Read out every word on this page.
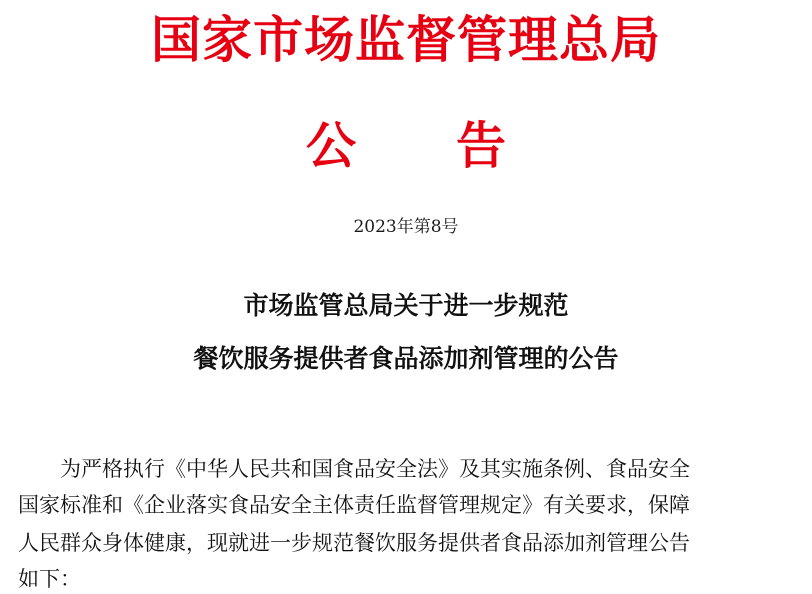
国家市场监督管理总局
公　　告
2023年第8号
市场监管总局关于进一步规范
餐饮服务提供者食品添加剂管理的公告
　　为严格执行《中华人民共和国食品安全法》及其实施条例、食品安全
国家标准和《企业落实食品安全主体责任监督管理规定》有关要求，保障
人民群众身体健康，现就进一步规范餐饮服务提供者食品添加剂管理公告
如下：
